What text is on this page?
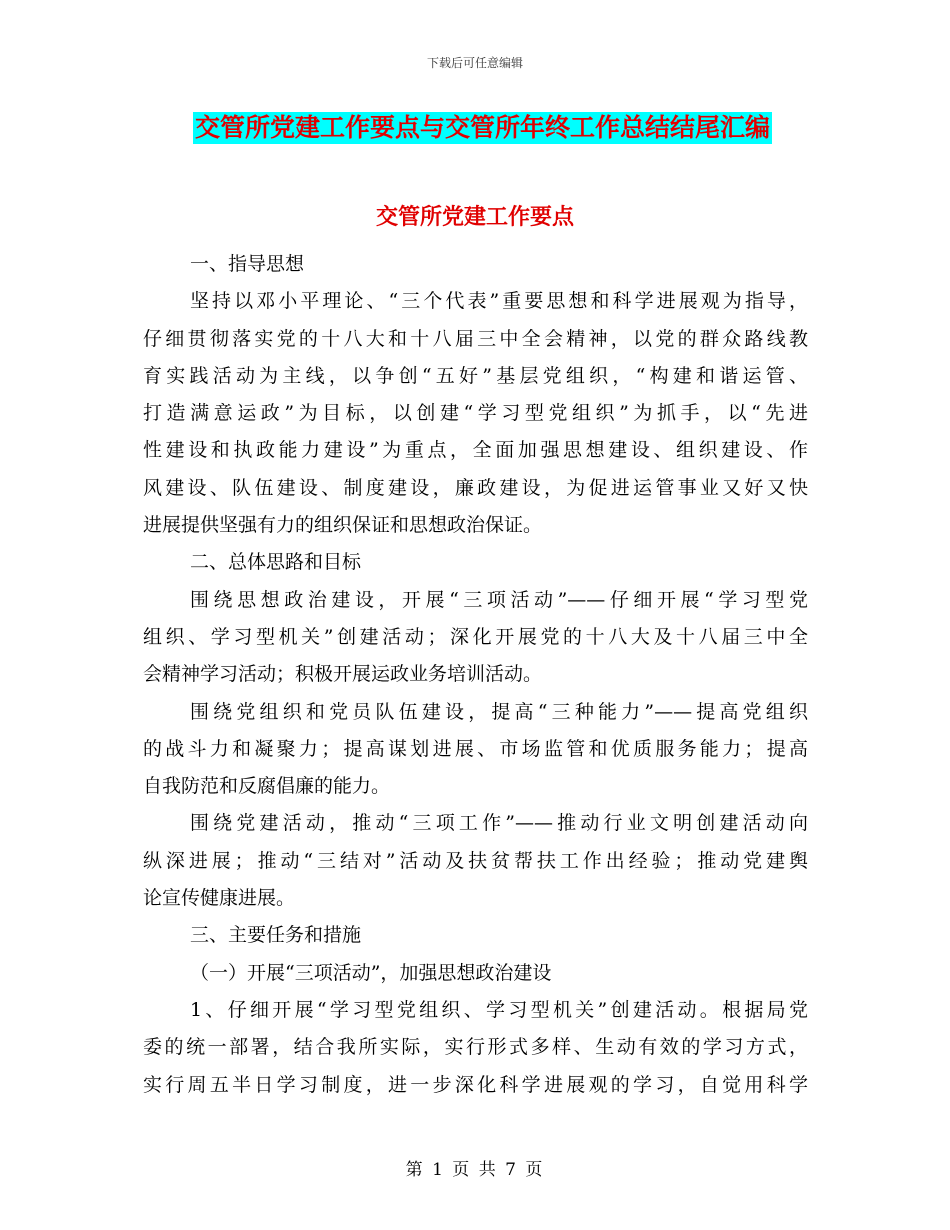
下载后可任意编辑
交管所党建工作要点与交管所年终工作总结结尾汇编
交管所党建工作要点
一、指导思想
坚持以邓小平理论、“三个代表”重要思想和科学进展观为指导，
仔细贯彻落实党的十八大和十八届三中全会精神，以党的群众路线教
育实践活动为主线，以争创“五好”基层党组织，“构建和谐运管、
打造满意运政”为目标，以创建“学习型党组织”为抓手，以“先进
性建设和执政能力建设”为重点，全面加强思想建设、组织建设、作
风建设、队伍建设、制度建设，廉政建设，为促进运管事业又好又快
进展提供坚强有力的组织保证和思想政治保证。
二、总体思路和目标
围绕思想政治建设，开展“三项活动”——仔细开展“学习型党
组织、学习型机关”创建活动；深化开展党的十八大及十八届三中全
会精神学习活动；积极开展运政业务培训活动。
围绕党组织和党员队伍建设，提高“三种能力”——提高党组织
的战斗力和凝聚力；提高谋划进展、市场监管和优质服务能力；提高
自我防范和反腐倡廉的能力。
围绕党建活动，推动“三项工作”——推动行业文明创建活动向
纵深进展；推动“三结对”活动及扶贫帮扶工作出经验；推动党建舆
论宣传健康进展。
三、主要任务和措施
（一）开展“三项活动”，加强思想政治建设
1、仔细开展“学习型党组织、学习型机关”创建活动。根据局党
委的统一部署，结合我所实际，实行形式多样、生动有效的学习方式，
实行周五半日学习制度，进一步深化科学进展观的学习，自觉用科学
第 1 页 共 7 页
